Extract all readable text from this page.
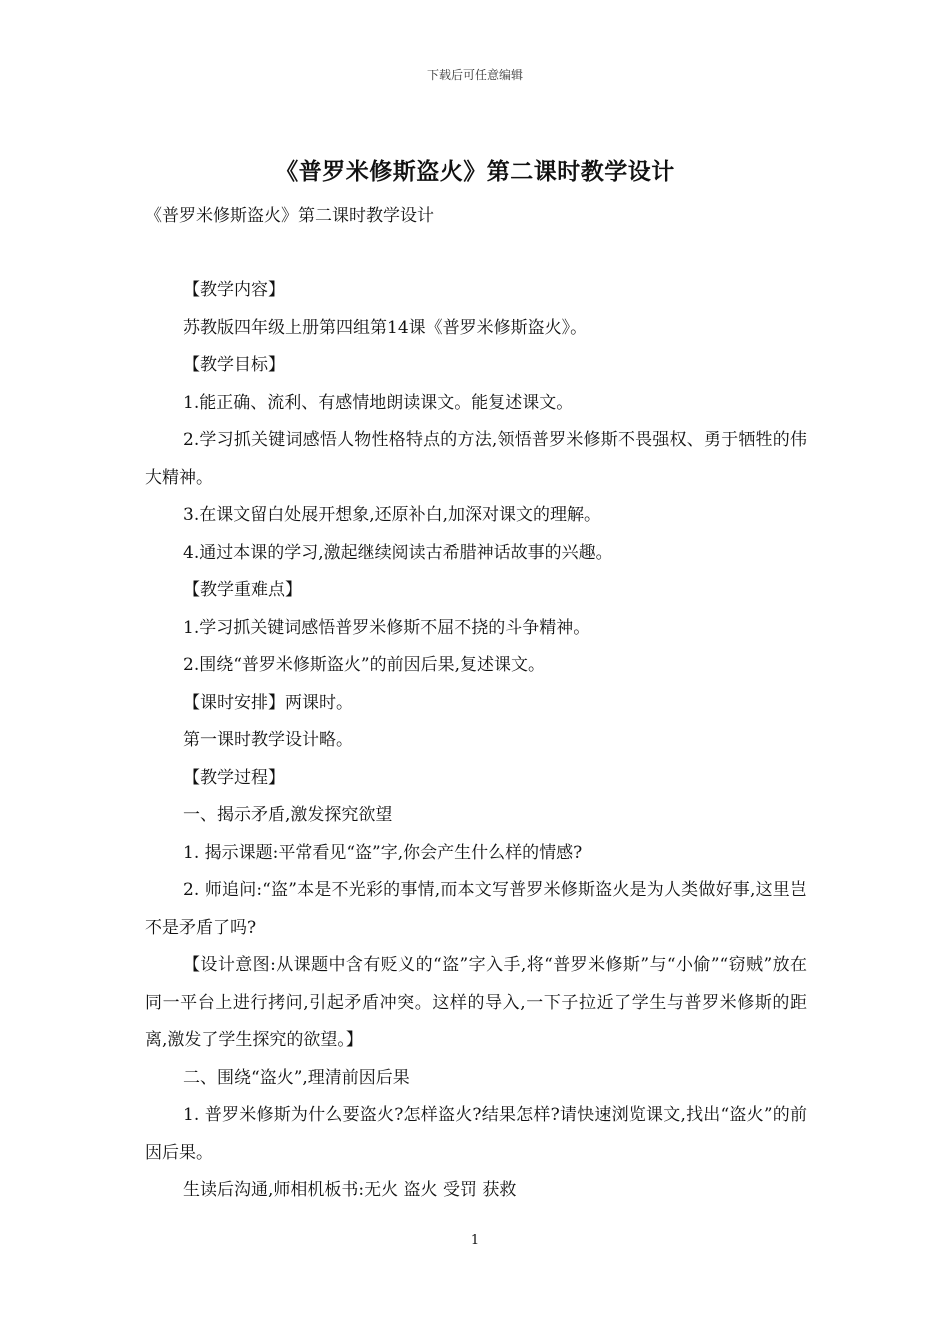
下载后可任意编辑
《普罗米修斯盗火》第二课时教学设计
《普罗米修斯盗火》第二课时教学设计

【教学内容】

苏教版四年级上册第四组第14课《普罗米修斯盗火》。

【教学目标】

1.能正确、流利、有感情地朗读课文。能复述课文。

2.学习抓关键词感悟人物性格特点的方法,领悟普罗米修斯不畏强权、勇于牺牲的伟大精神。

3.在课文留白处展开想象,还原补白,加深对课文的理解。

4.通过本课的学习,激起继续阅读古希腊神话故事的兴趣。

【教学重难点】

1.学习抓关键词感悟普罗米修斯不屈不挠的斗争精神。

2.围绕“普罗米修斯盗火”的前因后果,复述课文。

【课时安排】两课时。

第一课时教学设计略。

【教学过程】

一、揭示矛盾,激发探究欲望

1. 揭示课题:平常看见“盗”字,你会产生什么样的情感?

2. 师追问:“盗”本是不光彩的事情,而本文写普罗米修斯盗火是为人类做好事,这里岂不是矛盾了吗?

【设计意图:从课题中含有贬义的“盗”字入手,将“普罗米修斯”与“小偷”“窃贼”放在同一平台上进行拷问,引起矛盾冲突。这样的导入,一下子拉近了学生与普罗米修斯的距离,激发了学生探究的欲望。】

二、围绕“盗火”,理清前因后果

1. 普罗米修斯为什么要盗火?怎样盗火?结果怎样?请快速浏览课文,找出“盗火”的前因后果。

生读后沟通,师相机板书:无火 盗火 受罚 获救

1
